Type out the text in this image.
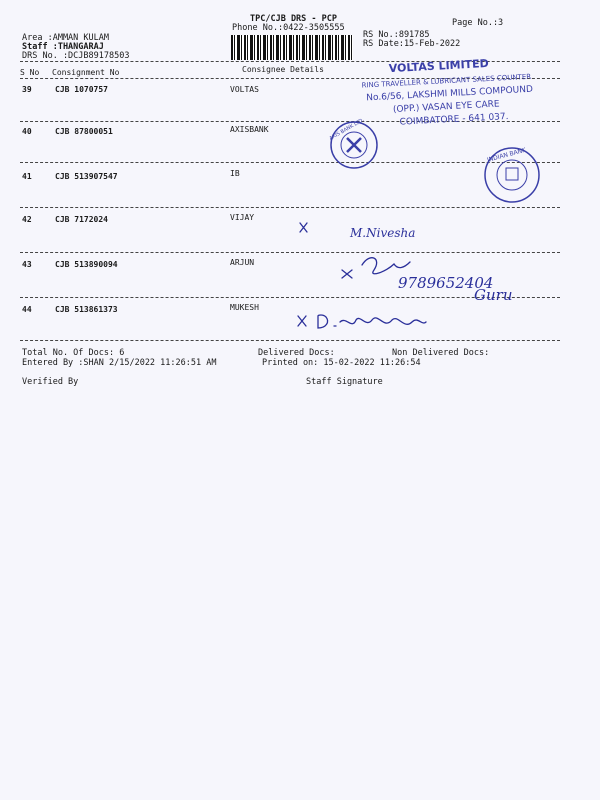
TPC/CJB DRS - PCP
Phone No.:0422-3505555	Page No.:3
Area :AMMAN KULAM
Staff :THANGARAJ
DRS No. :DCJB89178503
RS No.:891785
RS Date:15-Feb-2022
S No Consignment No	Consignee Details
39	CJB 1070757	VOLTAS
40	CJB 87800051	AXISBANK
41	CJB 513907547	IB
42	CJB 7172024	VIJAY
43	CJB 513890094	ARJUN
44	CJB 513861373	MUKESH
Total No. Of Docs: 6	Delivered Docs:	Non Delivered Docs:
Entered By :SHAN 2/15/2022 11:26:51 AM	Printed on: 15-02-2022 11:26:54
Verified By	Staff Signature
VOLTAS LIMITED
RING TRAVELLER & LUBRICANT SALES COUNTER
No.6/56, LAKSHMI MILLS COMPOUND
(OPP.) VASAN EYE CARE
COIMBATORE - 641 037.
AXIS BANK LTD.
INDIAN BANK
M.Nivesha
9789652404
Guru
